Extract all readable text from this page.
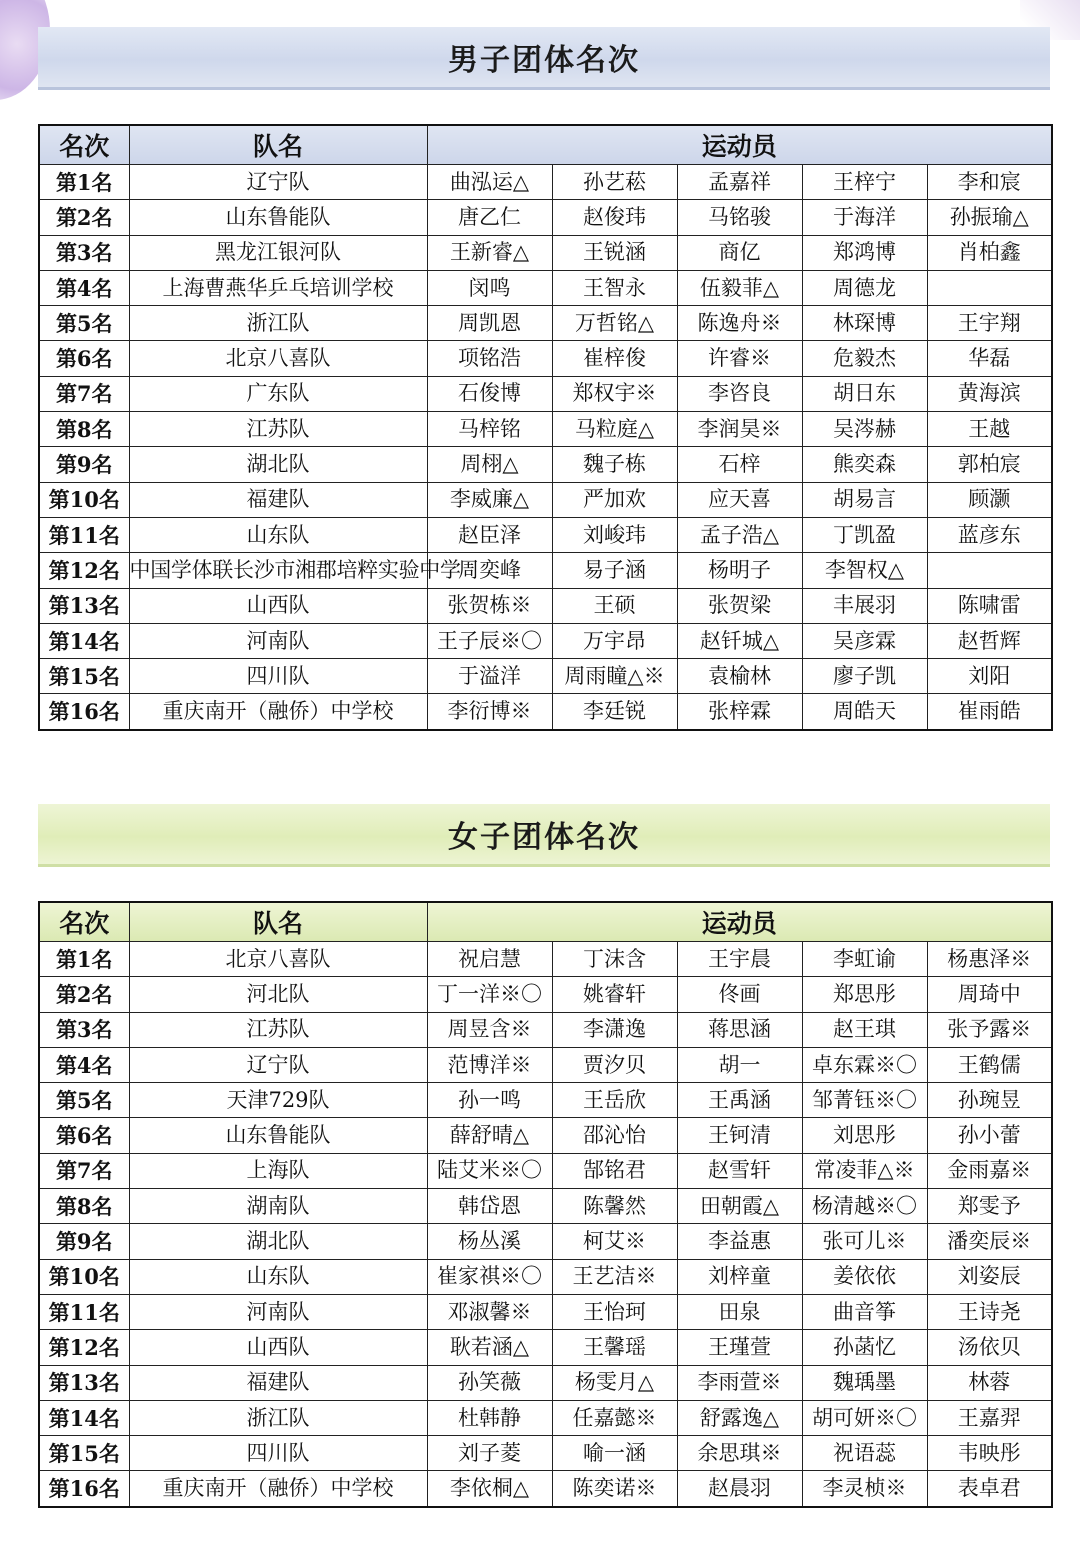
男子团体名次
名次	队名	运动员				
第1名	辽宁队	曲泓运△	孙艺菘	孟嘉祥	王梓宁	李和宸
第2名	山东鲁能队	唐乙仁	赵俊玮	马铭骏	于海洋	孙振瑜△
第3名	黑龙江银河队	王新睿△	王锐涵	商亿	郑鸿博	肖柏鑫
第4名	上海曹燕华乒乓培训学校	闵鸣	王智永	伍毅菲△	周德龙	
第5名	浙江队	周凯恩	万哲铭△	陈逸舟※	林琛博	王宇翔
第6名	北京八喜队	项铭浩	崔梓俊	许睿※	危毅杰	华磊
第7名	广东队	石俊博	郑权宇※	李咨良	胡日东	黄海滨
第8名	江苏队	马梓铭	马粒庭△	李润昊※	吴涔赫	王越
第9名	湖北队	周栩△	魏子栋	石梓	熊奕森	郭柏宸
第10名	福建队	李威廉△	严加欢	应天喜	胡易言	顾灏
第11名	山东队	赵臣泽	刘峻玮	孟子浩△	丁凯盈	蓝彦东
第12名	中国学体联长沙市湘郡培粹实验中学	周奕峰	易子涵	杨明子	李智权△	
第13名	山西队	张贺栋※	王硕	张贺梁	丰展羽	陈啸雷
第14名	河南队	王子辰※〇	万宇昂	赵钎城△	吴彦霖	赵哲辉
第15名	四川队	于溢洋	周雨瞳△※	袁榆林	廖子凯	刘阳
第16名	重庆南开（融侨）中学校	李衍博※	李廷锐	张梓霖	周皓天	崔雨皓
女子团体名次
名次	队名	运动员				
第1名	北京八喜队	祝启慧	丁沫含	王宇晨	李虹谕	杨惠泽※
第2名	河北队	丁一洋※〇	姚睿轩	佟画	郑思彤	周琦中
第3名	江苏队	周昱含※	李潇逸	蒋思涵	赵王琪	张予露※
第4名	辽宁队	范博洋※	贾汐贝	胡一	卓东霖※〇	王鹤儒
第5名	天津729队	孙一鸣	王岳欣	王禹涵	邹菁钰※〇	孙琬昱
第6名	山东鲁能队	薛舒晴△	邵沁怡	王钶清	刘思彤	孙小蕾
第7名	上海队	陆艾米※〇	郜铭君	赵雪轩	常凌菲△※	金雨嘉※
第8名	湖南队	韩岱恩	陈馨然	田朝霞△	杨清越※〇	郑雯予
第9名	湖北队	杨丛溪	柯艾※	李益惠	张可儿※	潘奕辰※
第10名	山东队	崔家祺※〇	王艺洁※	刘梓童	姜依依	刘姿辰
第11名	河南队	邓淑馨※	王怡珂	田泉	曲音筝	王诗尧
第12名	山西队	耿若涵△	王馨瑶	王瑾萱	孙菡忆	汤依贝
第13名	福建队	孙笑薇	杨雯月△	李雨萱※	魏瑀墨	林蓉
第14名	浙江队	杜韩静	任嘉懿※	舒露逸△	胡可妍※〇	王嘉羿
第15名	四川队	刘子菱	喻一涵	余思琪※	祝语蕊	韦映彤
第16名	重庆南开（融侨）中学校	李依桐△	陈奕诺※	赵晨羽	李灵桢※	表卓君
